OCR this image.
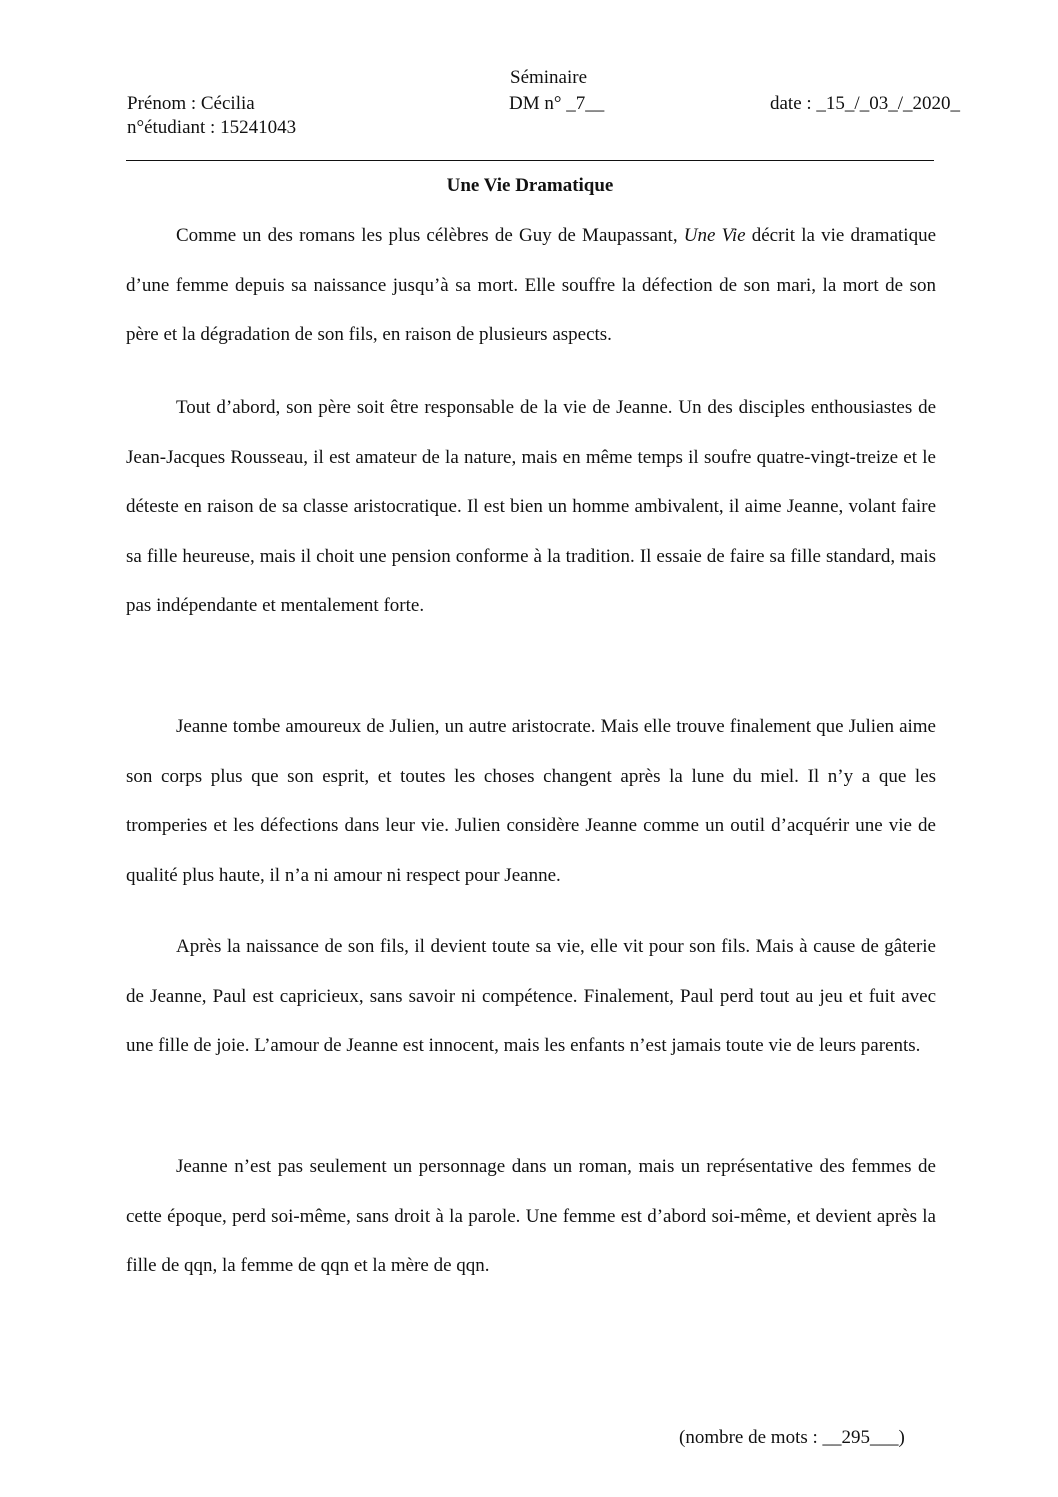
Séminaire
Prénom : Cécilia	DM n° _7__	date : _15_/_03_/_2020_
n°étudiant : 15241043
Une Vie Dramatique

Comme un des romans les plus célèbres de Guy de Maupassant, Une Vie décrit la vie dramatique d’une femme depuis sa naissance jusqu’à sa mort. Elle souffre la défection de son mari, la mort de son père et la dégradation de son fils, en raison de plusieurs aspects.

Tout d’abord, son père soit être responsable de la vie de Jeanne. Un des disciples enthousiastes de Jean-Jacques Rousseau, il est amateur de la nature, mais en même temps il soufre quatre-vingt-treize et le déteste en raison de sa classe aristocratique. Il est bien un homme ambivalent, il aime Jeanne, volant faire sa fille heureuse, mais il choit une pension conforme à la tradition. Il essaie de faire sa fille standard, mais pas indépendante et mentalement forte.

Jeanne tombe amoureux de Julien, un autre aristocrate. Mais elle trouve finalement que Julien aime son corps plus que son esprit, et toutes les choses changent après la lune du miel. Il n’y a que les tromperies et les défections dans leur vie. Julien considère Jeanne comme un outil d’acquérir une vie de qualité plus haute, il n’a ni amour ni respect pour Jeanne.

Après la naissance de son fils, il devient toute sa vie, elle vit pour son fils. Mais à cause de gâterie de Jeanne, Paul est capricieux, sans savoir ni compétence. Finalement, Paul perd tout au jeu et fuit avec une fille de joie. L’amour de Jeanne est innocent, mais les enfants n’est jamais toute vie de leurs parents.

Jeanne n’est pas seulement un personnage dans un roman, mais un représentative des femmes de cette époque, perd soi-même, sans droit à la parole. Une femme est d’abord soi-même, et devient après la fille de qqn, la femme de qqn et la mère de qqn.

(nombre de mots : __295___)
